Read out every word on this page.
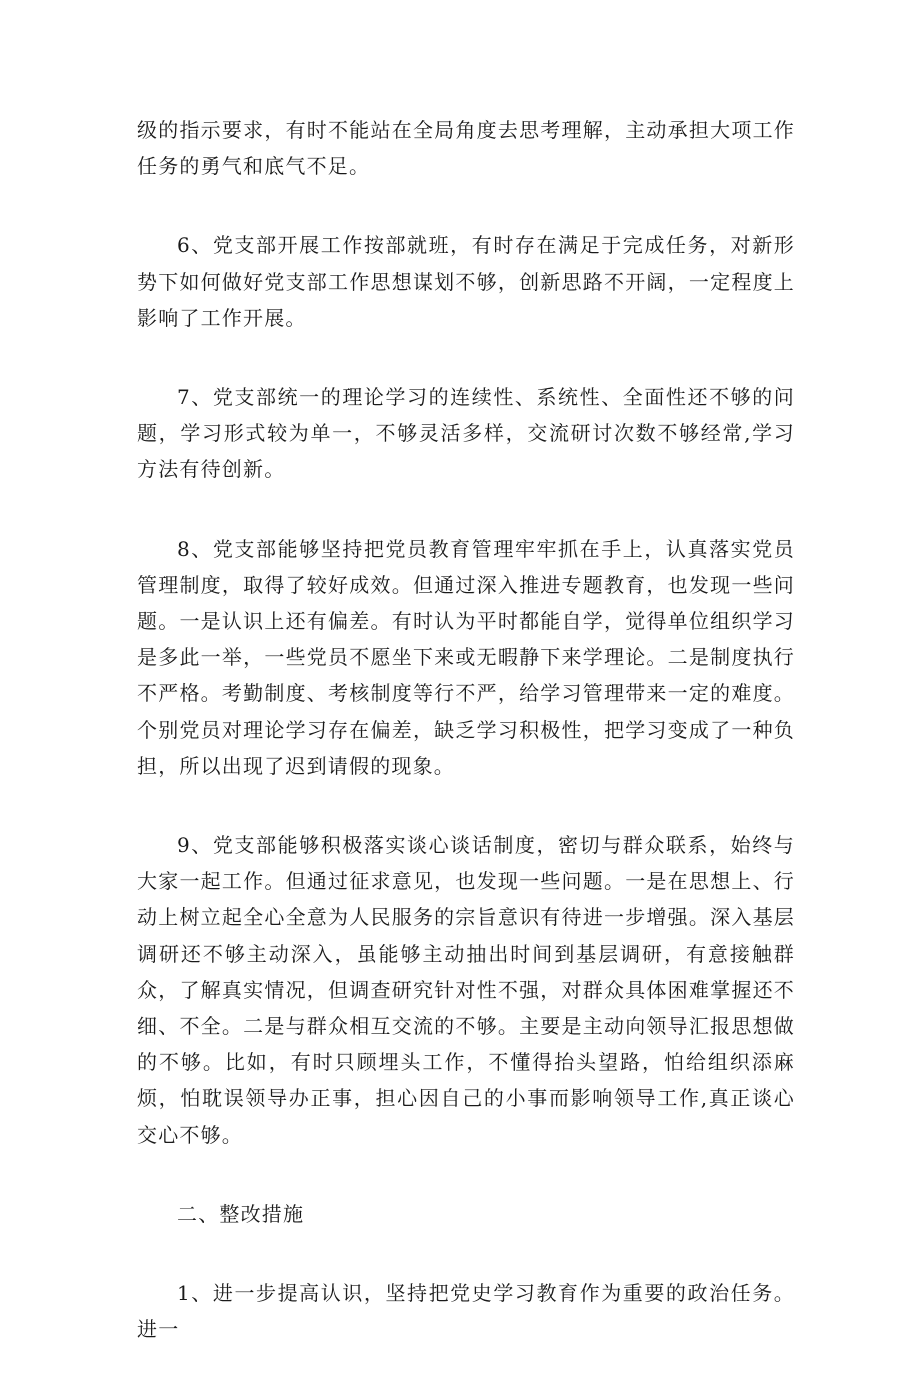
级的指示要求，有时不能站在全局角度去思考理解，主动承担大项工作任务的勇气和底气不足。

6、党支部开展工作按部就班，有时存在满足于完成任务，对新形势下如何做好党支部工作思想谋划不够，创新思路不开阔，一定程度上影响了工作开展。

7、党支部统一的理论学习的连续性、系统性、全面性还不够的问题，学习形式较为单一，不够灵活多样，交流研讨次数不够经常,学习方法有待创新。

8、党支部能够坚持把党员教育管理牢牢抓在手上，认真落实党员管理制度，取得了较好成效。但通过深入推进专题教育，也发现一些问题。一是认识上还有偏差。有时认为平时都能自学，觉得单位组织学习是多此一举，一些党员不愿坐下来或无暇静下来学理论。二是制度执行不严格。考勤制度、考核制度等行不严，给学习管理带来一定的难度。个别党员对理论学习存在偏差，缺乏学习积极性，把学习变成了一种负担，所以出现了迟到请假的现象。

9、党支部能够积极落实谈心谈话制度，密切与群众联系，始终与大家一起工作。但通过征求意见，也发现一些问题。一是在思想上、行动上树立起全心全意为人民服务的宗旨意识有待进一步增强。深入基层调研还不够主动深入，虽能够主动抽出时间到基层调研，有意接触群众，了解真实情况，但调查研究针对性不强，对群众具体困难掌握还不细、不全。二是与群众相互交流的不够。主要是主动向领导汇报思想做的不够。比如，有时只顾埋头工作，不懂得抬头望路，怕给组织添麻烦，怕耽误领导办正事，担心因自己的小事而影响领导工作,真正谈心交心不够。

二、整改措施

1、进一步提高认识，坚持把党史学习教育作为重要的政治任务。进一
